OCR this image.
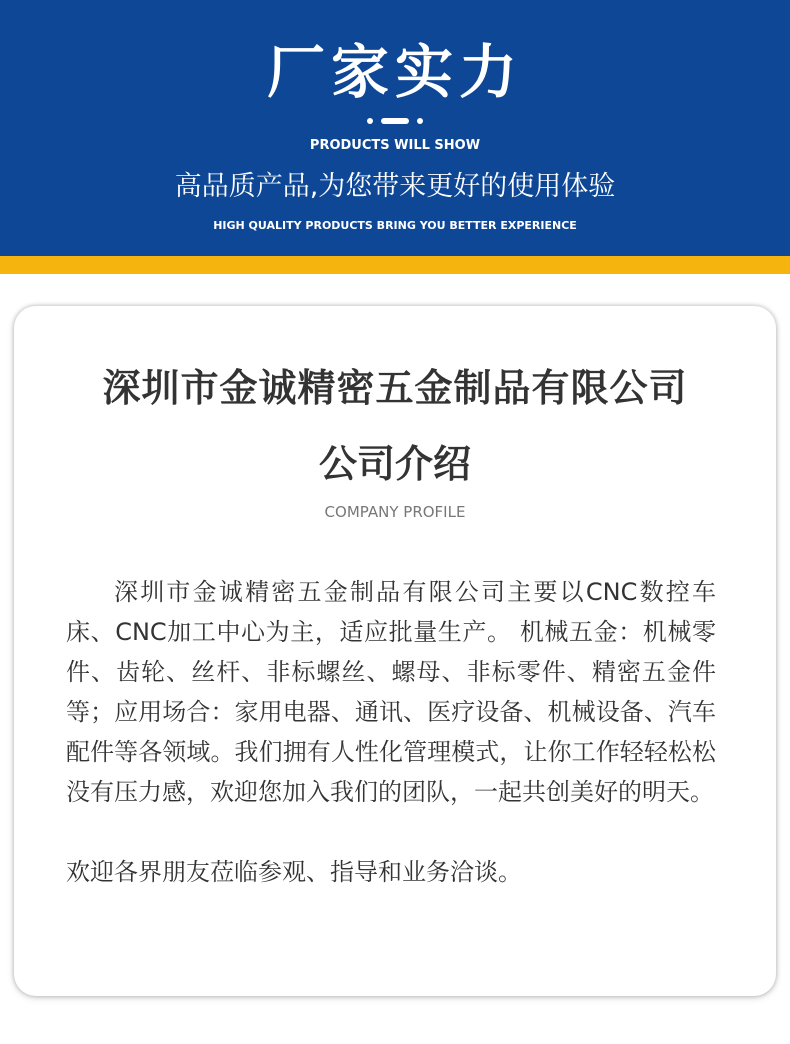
厂家实力
PRODUCTS WILL SHOW
高品质产品,为您带来更好的使用体验
HIGH QUALITY PRODUCTS BRING YOU BETTER EXPERIENCE
深圳市金诚精密五金制品有限公司
公司介绍
COMPANY PROFILE

深圳市金诚精密五金制品有限公司主要以CNC数控车床、CNC加工中心为主，适应批量生产。 机械五金：机械零件、齿轮、丝杆、非标螺丝、螺母、非标零件、精密五金件等；应用场合：家用电器、通讯、医疗设备、机械设备、汽车配件等各领域。我们拥有人性化管理模式，让你工作轻轻松松没有压力感，欢迎您加入我们的团队，一起共创美好的明天。

欢迎各界朋友莅临参观、指导和业务洽谈。
